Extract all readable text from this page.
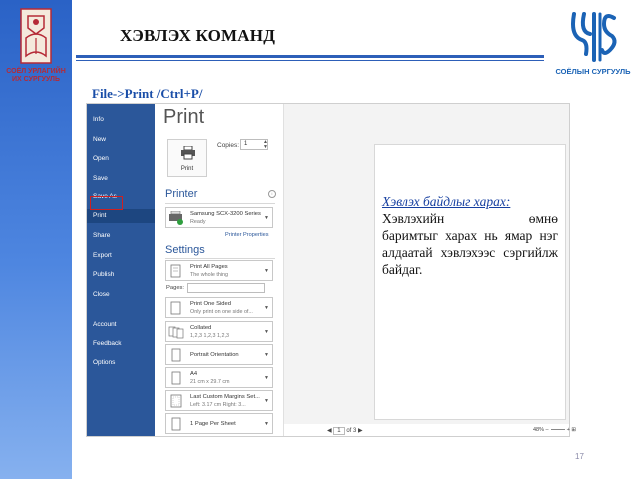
СОЁЛ УРЛАГИЙН
ИХ СУРГУУЛЬ
ХЭВЛЭХ КОМАНД
СОЁЛЫН СУРГУУЛЬ
File->Print /Ctrl+P/
Info
New
Open
Save
Save As
Print
Share
Export
Publish
Close
Account
Feedback
Options
Print
Print
Copies: 1	▲
▼
Printer	i
Samsung SCX-3200 Series
Ready
▼
Printer Properties
Settings
Print All Pages
The whole thing
▼
Pages:
Print One Sided
Only print on one side of...
▼
Collated
1,2,3 1,2,3 1,2,3
▼
Portrait Orientation	▼
A4
21 cm x 29.7 cm
▼
Last Custom Margins Set...
Left: 3.17 cm Right: 3...
▼
1 Page Per Sheet	▼
◀ 1 of 3 ▶	48% –	+ ⊞
Хэвлэх байдлыг харах:
Хэвлэхийн	өмнө
баримтыг харах нь ямар нэг алдаатай хэвлэхээс сэргийлж байдаг.
17
